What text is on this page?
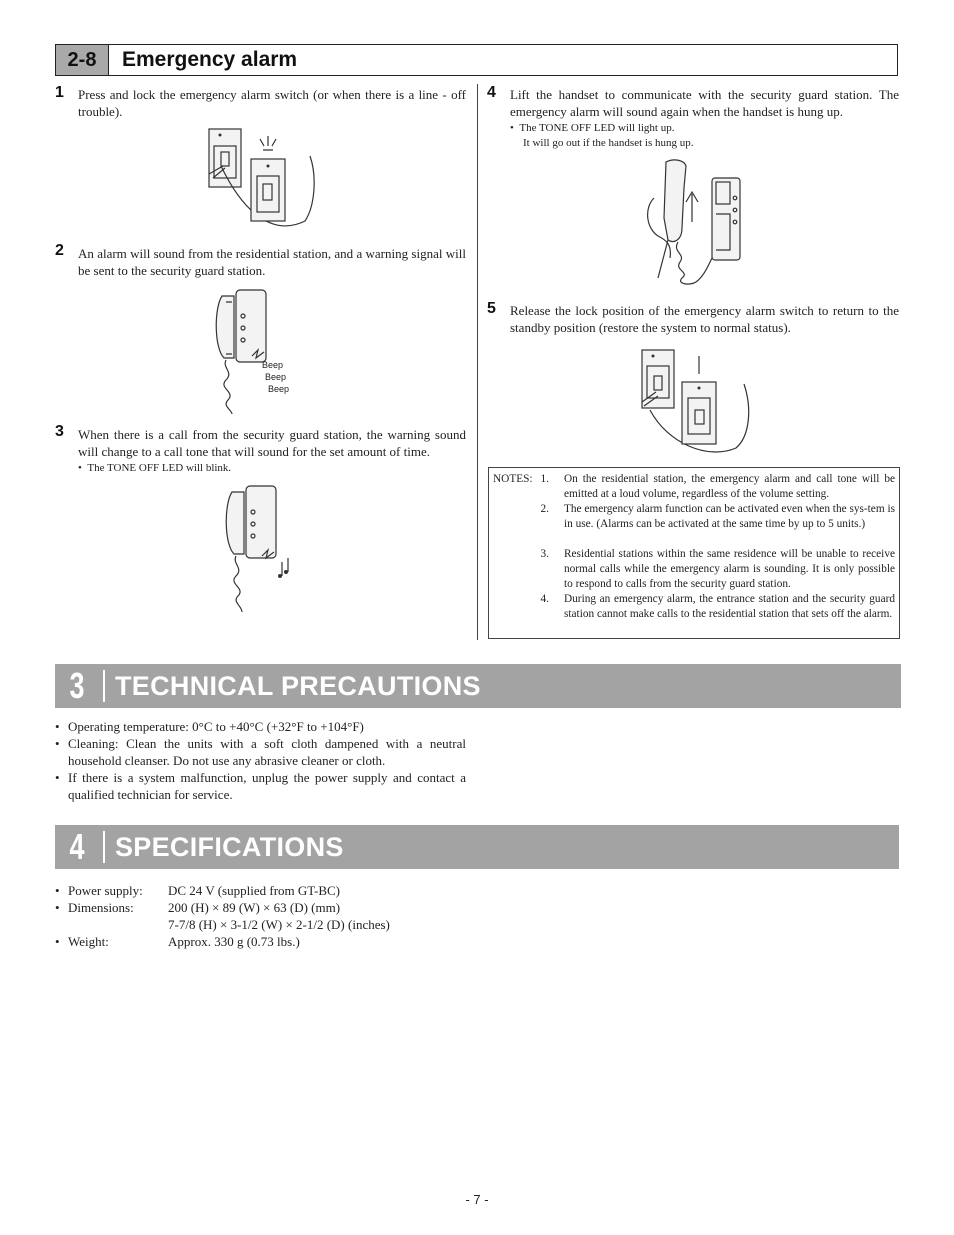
2-8	Emergency alarm
1 Press and lock the emergency alarm switch (or when there is a line - off trouble).
2 An alarm will sound from the residential station, and a warning signal will be sent to the security guard station.
Beep
Beep
Beep
3 When there is a call from the security guard station, the warning sound will change to a call tone that will sound for the set amount of time.
•  The TONE OFF LED will blink.
4 Lift the handset to communicate with the security guard station. The emergency alarm will sound again when the handset is hung up.
•  The TONE OFF LED will light up.
It will go out if the handset is hung up.
5 Release the lock position of the emergency alarm switch to return to the standby position (restore the system to normal status).
NOTES: 1. On the residential station, the emergency alarm and call tone will be emitted at a loud volume, regardless of the volume setting.
2. The emergency alarm function can be activated even when the sys-tem is in use. (Alarms can be activated at the same time by up to 5 units.)
3. Residential stations within the same residence will be unable to receive normal calls while the emergency alarm is sounding. It is only possible to respond to calls from the security guard station.
4. During an emergency alarm, the entrance station and the security guard station cannot make calls to the residential station that sets off the alarm.
3	TECHNICAL PRECAUTIONS
• Operating temperature: 0°C to +40°C (+32°F to +104°F)
• Cleaning: Clean the units with a soft cloth dampened with a neutral household cleanser. Do not use any abrasive cleaner or cloth.
• If there is a system malfunction, unplug the power supply and contact a qualified technician for service.
4	SPECIFICATIONS
• Power supply:	DC 24 V (supplied from GT-BC)
• Dimensions:	200 (H) × 89 (W) × 63 (D) (mm)
7-7/8 (H) × 3-1/2 (W) × 2-1/2 (D) (inches)
• Weight:	Approx. 330 g (0.73 lbs.)
- 7 -
